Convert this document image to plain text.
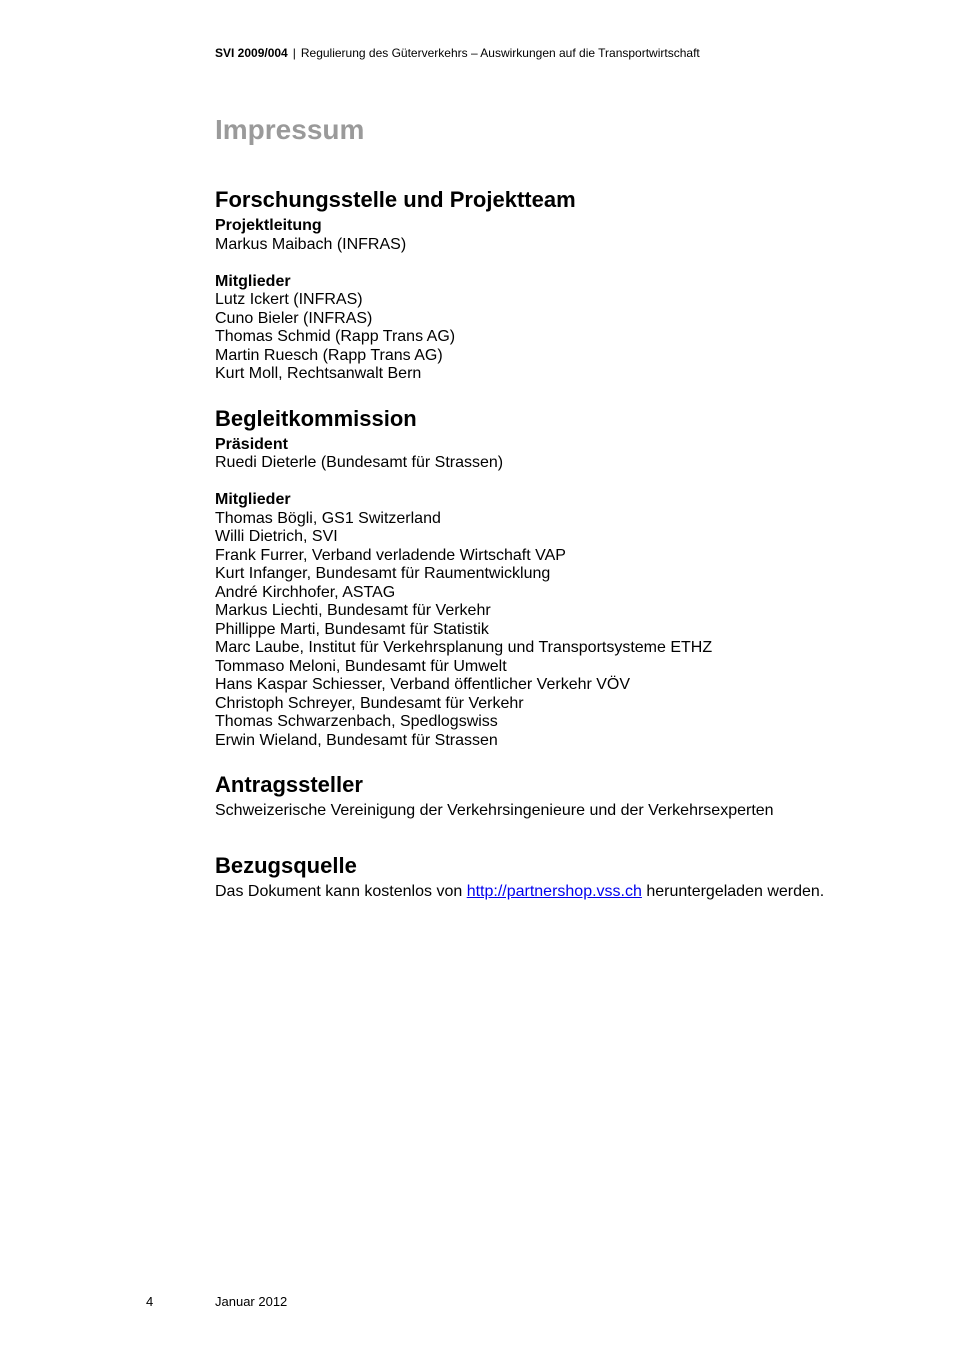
SVI 2009/004 | Regulierung des Güterverkehrs – Auswirkungen auf die Transportwirtschaft
Impressum
Forschungsstelle und Projektteam
Projektleitung
Markus Maibach (INFRAS)
Mitglieder
Lutz Ickert (INFRAS)
Cuno Bieler (INFRAS)
Thomas Schmid (Rapp Trans AG)
Martin Ruesch (Rapp Trans AG)
Kurt Moll, Rechtsanwalt Bern
Begleitkommission
Präsident
Ruedi Dieterle (Bundesamt für Strassen)
Mitglieder
Thomas Bögli, GS1 Switzerland
Willi Dietrich, SVI
Frank Furrer, Verband verladende Wirtschaft VAP
Kurt Infanger, Bundesamt für Raumentwicklung
André Kirchhofer, ASTAG
Markus Liechti, Bundesamt für Verkehr
Phillippe Marti, Bundesamt für Statistik
Marc Laube, Institut für Verkehrsplanung und Transportsysteme ETHZ
Tommaso Meloni, Bundesamt für Umwelt
Hans Kaspar Schiesser, Verband öffentlicher Verkehr VÖV
Christoph Schreyer, Bundesamt für Verkehr
Thomas Schwarzenbach, Spedlogswiss
Erwin Wieland, Bundesamt für Strassen
Antragssteller
Schweizerische Vereinigung der Verkehrsingenieure und der Verkehrsexperten
Bezugsquelle
Das Dokument kann kostenlos von http://partnershop.vss.ch heruntergeladen werden.
4	Januar 2012
